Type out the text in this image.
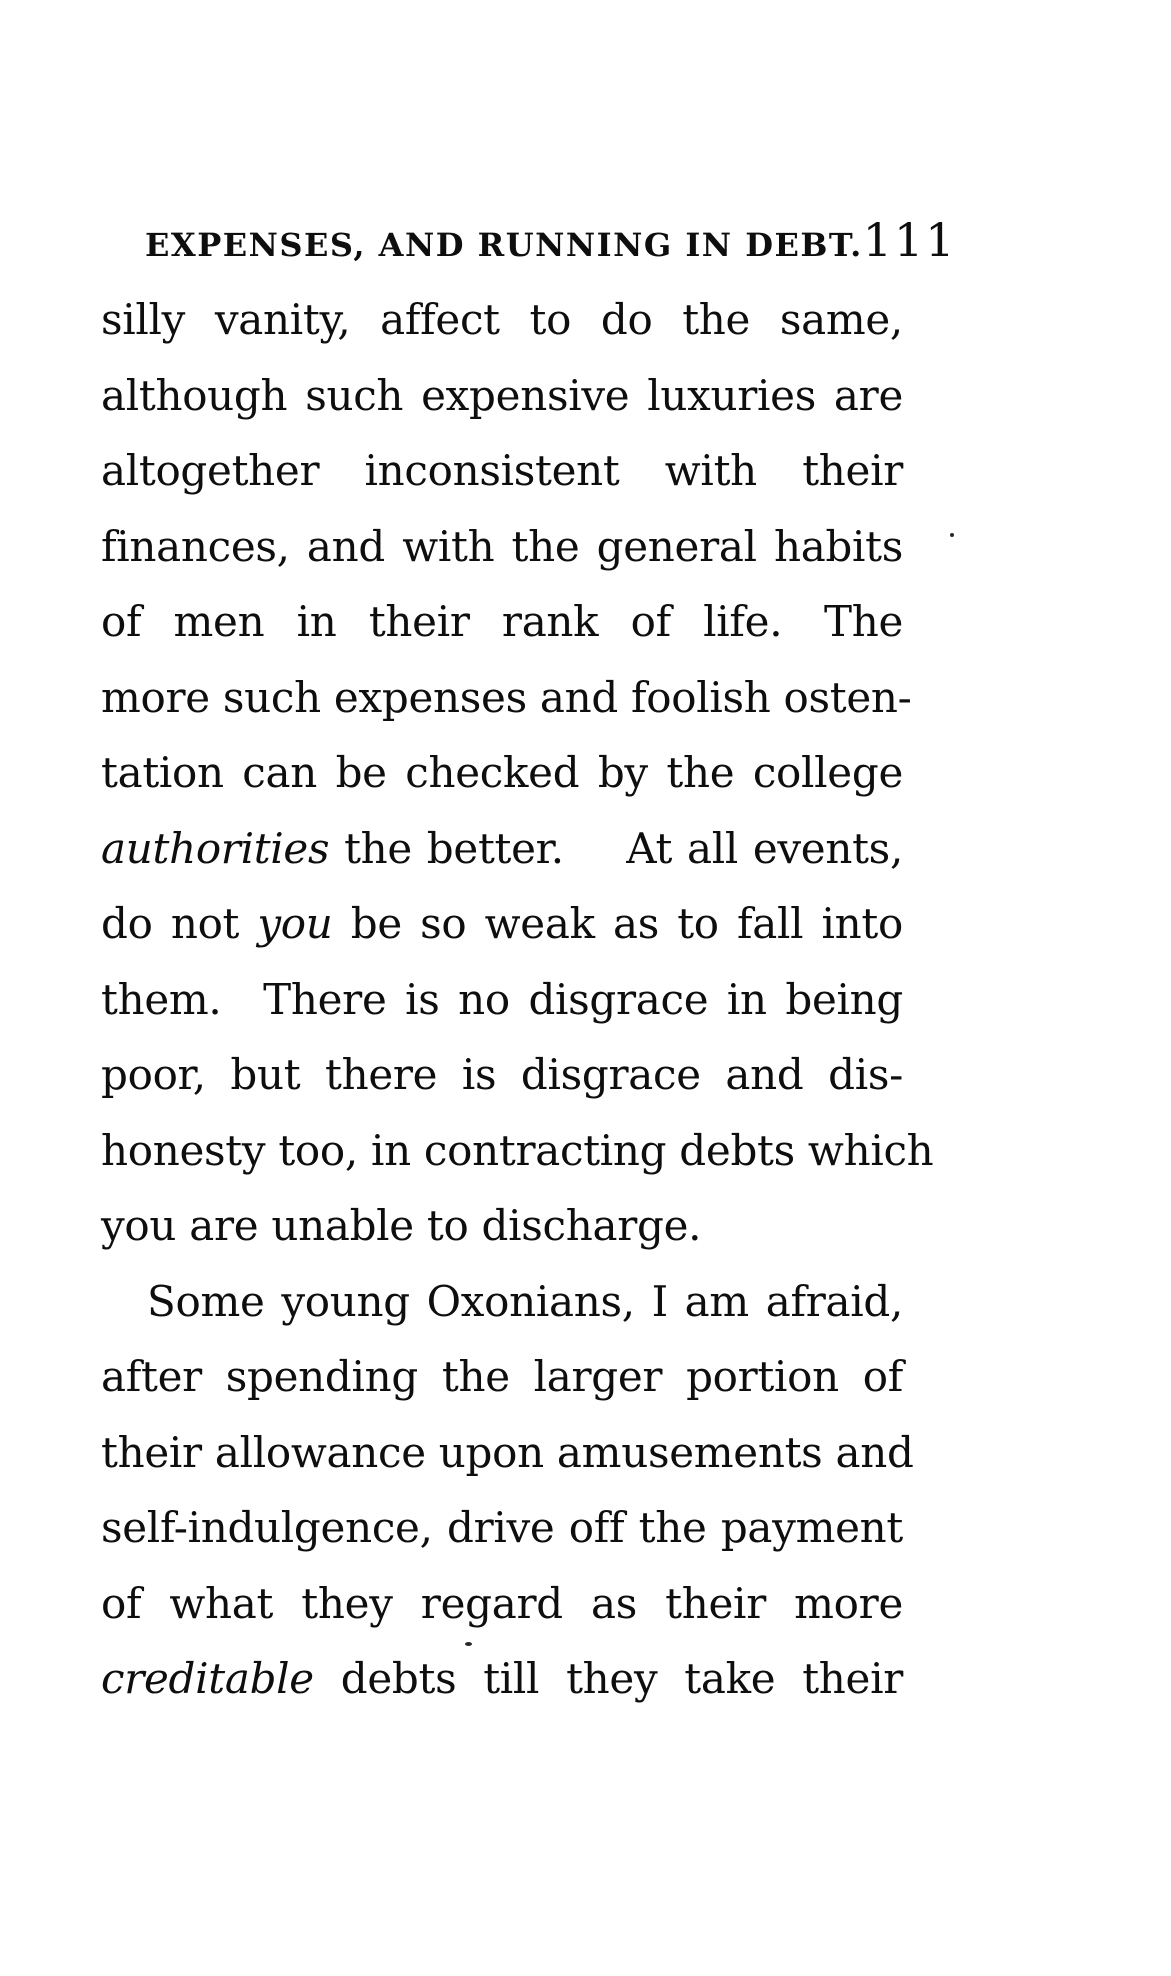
EXPENSES, AND RUNNING IN DEBT. 111
silly vanity, affect to do the same,
although such expensive luxuries are
altogether inconsistent with their
finances, and with the general habits
of men in their rank of life. The
more such expenses and foolish osten-
tation can be checked by the college
authorities the better.  At all events,
do not you be so weak as to fall into
them. There is no disgrace in being
poor, but there is disgrace and dis-
honesty too, in contracting debts which
you are unable to discharge.
Some young Oxonians, I am afraid,
after spending the larger portion of
their allowance upon amusements and
self-indulgence, drive off the payment
of what they regard as their more
creditable debts till they take their
